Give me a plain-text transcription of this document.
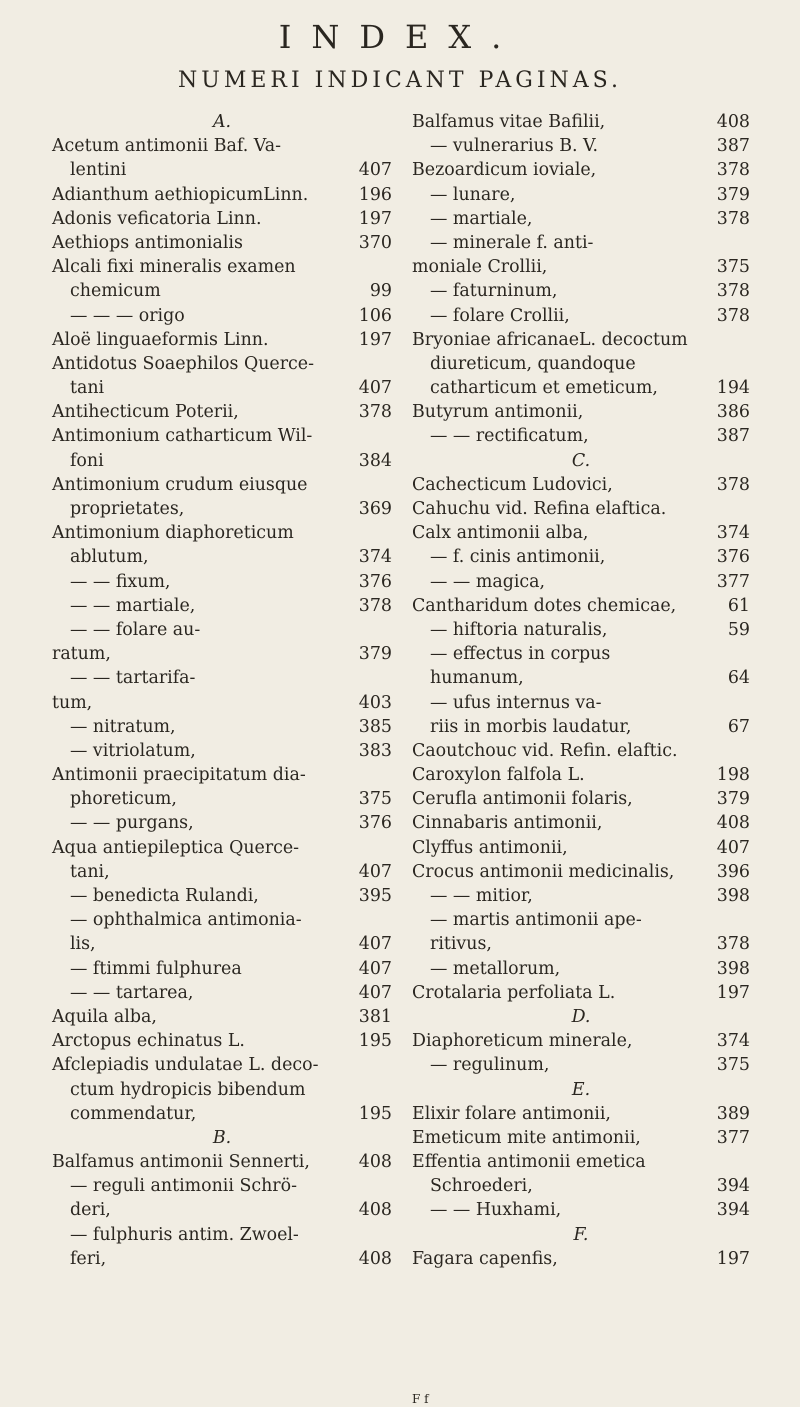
INDEX.
NUMERI INDICANT PAGINAS.
A.
Acetum antimonii Baf. Va-
lentini	407
Adianthum aethiopicumLinn.	196
Adonis veficatoria Linn.	197
Aethiops antimonialis	370
Alcali fixi mineralis examen
chemicum	99
— — — origo	106
Aloë linguaeformis Linn.	197
Antidotus Soaephilos Querce-
tani	407
Antihecticum Poterii,	378
Antimonium catharticum Wil-
foni	384
Antimonium crudum eiusque
proprietates,	369
Antimonium diaphoreticum
ablutum,	374
— — fixum,	376
— — martiale,	378
— — folare au-
ratum,	379
— — tartarifa-
tum,	403
— nitratum,	385
— vitriolatum,	383
Antimonii praecipitatum dia-
phoreticum,	375
— — purgans,	376
Aqua antiepileptica Querce-
tani,	407
— benedicta Rulandi,	395
— ophthalmica antimonia-
lis,	407
— ftimmi fulphurea	407
— — tartarea,	407
Aquila alba,	381
Arctopus echinatus L.	195
Afclepiadis undulatae L. deco-
ctum hydropicis bibendum
commendatur,	195
B.
Balfamus antimonii Sennerti,	408
— reguli antimonii Schrö-
deri,	408
— fulphuris antim. Zwoel-
feri,	408
Balfamus vitae Bafilii,	408
— vulnerarius B. V.	387
Bezoardicum ioviale,	378
— lunare,	379
— martiale,	378
— minerale f. anti-
moniale Crollii,	375
— faturninum,	378
— folare Crollii,	378
Bryoniae africanaeL. decoctum
diureticum, quandoque
catharticum et emeticum,	194
Butyrum antimonii,	386
— — rectificatum,	387
C.
Cachecticum Ludovici,	378
Cahuchu vid. Refina elaftica.
Calx antimonii alba,	374
— f. cinis antimonii,	376
— — magica,	377
Cantharidum dotes chemicae,	61
— hiftoria naturalis,	59
— effectus in corpus
humanum,	64
— ufus internus va-
riis in morbis laudatur,	67
Caoutchouc vid. Refin. elaftic.
Caroxylon falfola L.	198
Cerufla antimonii folaris,	379
Cinnabaris antimonii,	408
Clyffus antimonii,	407
Crocus antimonii medicinalis, 396
— — mitior,	398
— martis antimonii ape-
ritivus,	378
— metallorum,	398
Crotalaria perfoliata L.	197
D.
Diaphoreticum minerale,	374
— regulinum,	375
E.
Elixir folare antimonii,	389
Emeticum mite antimonii,	377
Effentia antimonii emetica
Schroederi,	394
— — Huxhami,	394
F.
Fagara capenfis,	197
F f
